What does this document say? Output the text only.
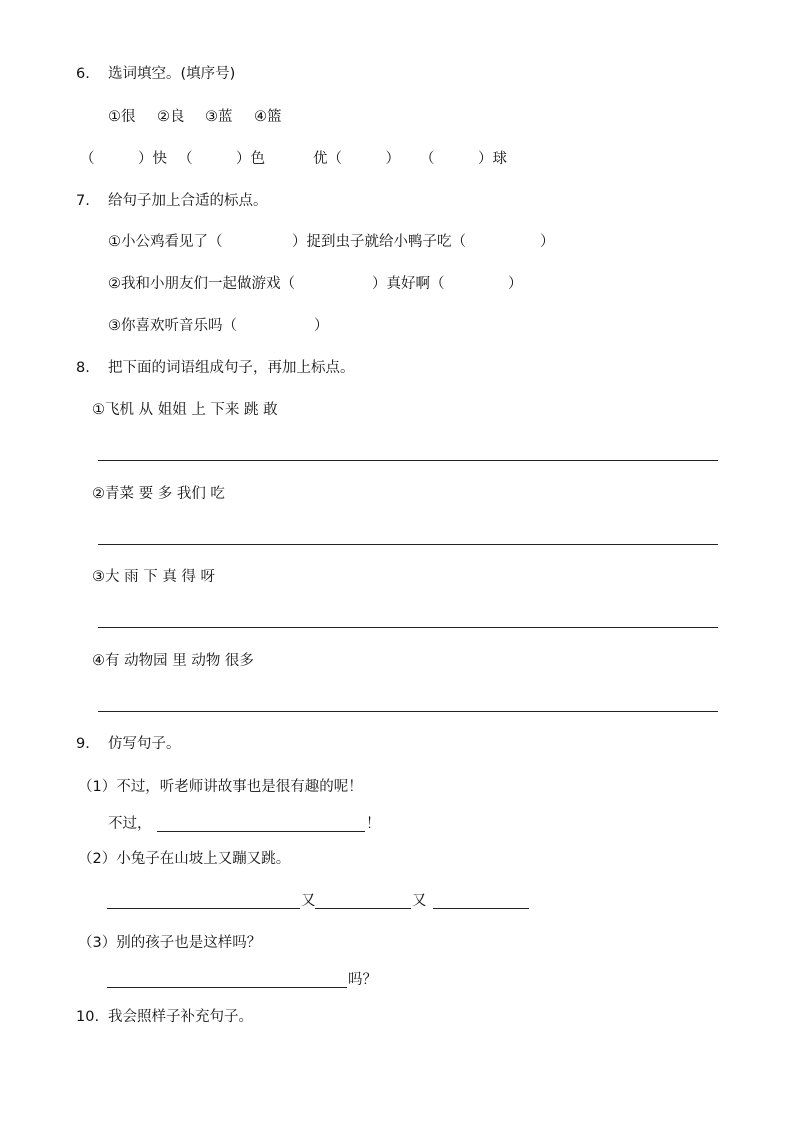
6. 选词填空。(填序号)
①很 ②良 ③蓝 ④篮
（　　　）快 （　　　）色	优（　　　） （　　　）球
7. 给句子加上合适的标点。
①小公鸡看见了（	）捉到虫子就给小鸭子吃（	）
②我和小朋友们一起做游戏（	）真好啊（	）
③你喜欢听音乐吗（	）
8. 把下面的词语组成句子，再加上标点。
①飞机 从 姐姐 上 下来 跳 敢
②青菜 要 多 我们 吃
③大 雨 下 真 得 呀
④有 动物园 里 动物 很多
9. 仿写句子。
（1）不过，听老师讲故事也是很有趣的呢！
不过，	！
（2）小兔子在山坡上又蹦又跳。
又	又
（3）别的孩子也是这样吗？
吗？
10. 我会照样子补充句子。
